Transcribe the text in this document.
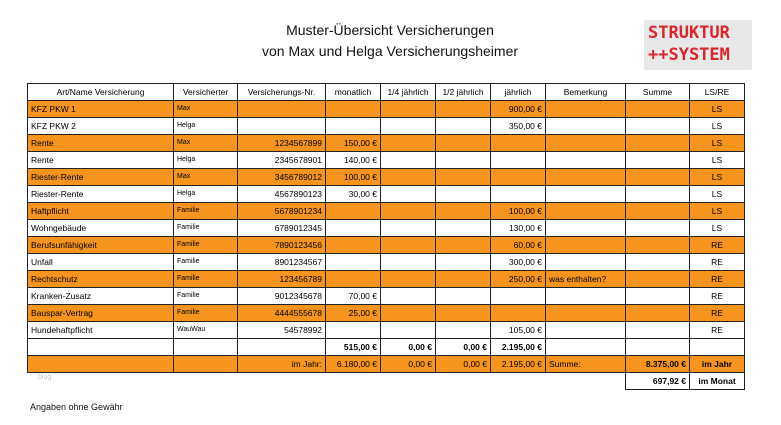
Muster-Übersicht Versicherungen
von Max und Helga Versicherungsheimer
STRUKTUR
++SYSTEM
Art/Name Versicherung	Versicherter	Versicherungs-Nr.	monatlich	1/4 jährlich	1/2 jährlich	jährlich	Bemerkung	Summe	LS/RE
KFZ PKW 1	Max					900,00 €			LS
KFZ PKW 2	Helga					350,00 €			LS
Rente	Max	1234567899	150,00 €						LS
Rente	Helga	2345678901	140,00 €						LS
Riester-Rente	Max	3456789012	100,00 €						LS
Riester-Rente	Helga	4567890123	30,00 €						LS
Haftpflicht	Familie	5678901234				100,00 €			LS
Wohngebäude	Familie	6789012345				130,00 €			LS
Berufsunfähigkeit	Familie	7890123456				60,00 €			RE
Unfall	Familie	8901234567				300,00 €			RE
Rechtschutz	Familie	123456789				250,00 €	was enthalten?		RE
Kranken-Zusatz	Familie	9012345678	70,00 €						RE
Bauspar-Vertrag	Familie	4444555678	25,00 €						RE
Hundehaftpflicht	WauWau	54578992				105,00 €			RE
			515,00 €	0,00 €	0,00 €	2.195,00 €			
		im Jahr:	6.180,00 €	0,00 €	0,00 €	2.195,00 €	Summe:	8.375,00 €	im Jahr
								697,92 €	im Monat
blog
Angaben ohne Gewähr
